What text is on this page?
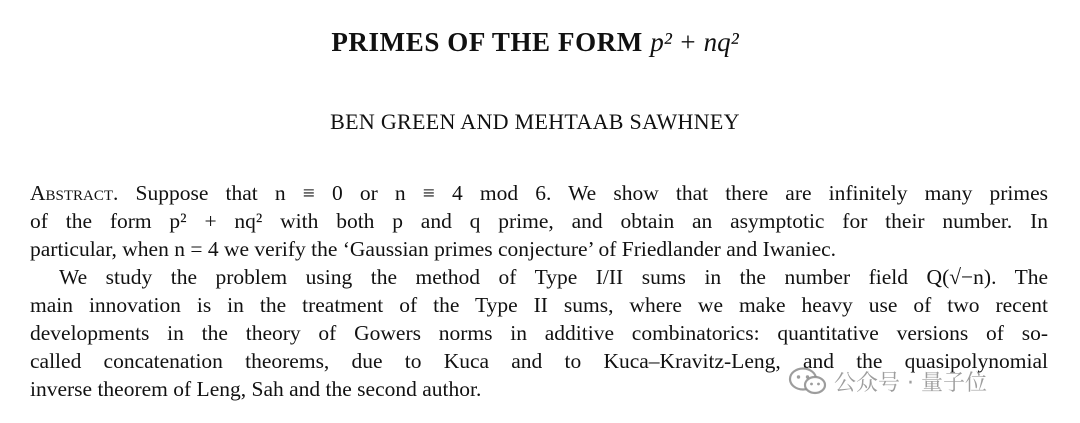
PRIMES OF THE FORM p² + nq²
BEN GREEN AND MEHTAAB SAWHNEY
Abstract. Suppose that n ≡ 0 or n ≡ 4 mod 6. We show that there are infinitely many primes
of the form p² + nq² with both p and q prime, and obtain an asymptotic for their number. In
particular, when n = 4 we verify the ‘Gaussian primes conjecture’ of Friedlander and Iwaniec.
We study the problem using the method of Type I/II sums in the number field Q(√−n). The
main innovation is in the treatment of the Type II sums, where we make heavy use of two recent
developments in the theory of Gowers norms in additive combinatorics: quantitative versions of so-
called concatenation theorems, due to Kuca and to Kuca–Kravitz-Leng, and the quasipolynomial
inverse theorem of Leng, Sah and the second author.	公众号 · 量子位
